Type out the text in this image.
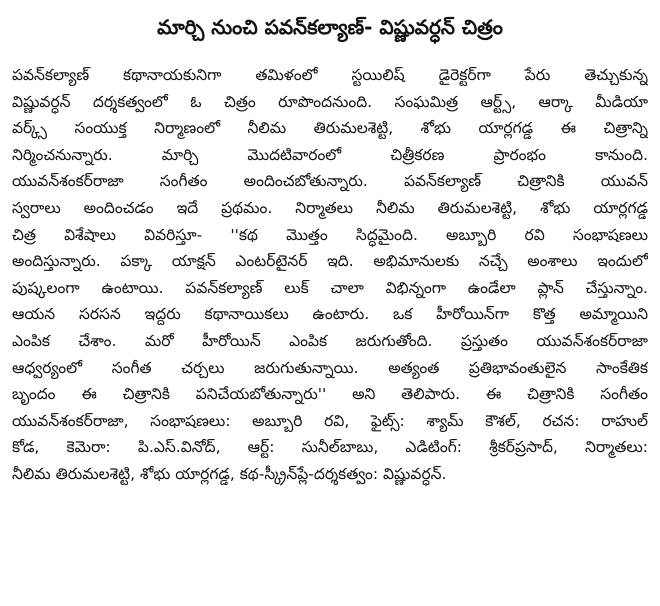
మార్చి నుంచి పవన్‌కల్యాణ్- విష్ణువర్ధన్ చిత్రం
పవన్‌కల్యాణ్ కథానాయకునిగా తమిళంలో స్టయిలిష్ డైరెక్టర్‌గా పేరు తెచ్చుకున్న
విష్ణువర్ధన్ దర్శకత్వంలో ఓ చిత్రం రూపొందనుంది. సంఘమిత్ర ఆర్ట్స్, ఆర్కా మీడియా
వర్క్స్ సంయుక్త నిర్మాణంలో నీలిమ తిరుమలశెట్టి, శోభు యార్లగడ్డ ఈ చిత్రాన్ని
నిర్మించనున్నారు. మార్చి మొదటివారంలో చిత్రీకరణ ప్రారంభం కానుంది.
యువన్‌శంకర్‌రాజా సంగీతం అందించబోతున్నారు. పవన్‌కల్యాణ్ చిత్రానికి యువన్
స్వరాలు అందించడం ఇదే ప్రథమం. నిర్మాతలు నీలిమ తిరుమలశెట్టి, శోభు యార్లగడ్డ
చిత్ర విశేషాలు వివరిస్తూ- ''కథ మొత్తం సిద్ధమైంది. అబ్బూరి రవి సంభాషణలు
అందిస్తున్నారు. పక్కా యాక్షన్ ఎంటర్‌టైనర్ ఇది. అభిమానులకు నచ్చే అంశాలు ఇందులో
పుష్కలంగా ఉంటాయి. పవన్‌కల్యాణ్ లుక్ చాలా విభిన్నంగా ఉండేలా ప్లాన్ చేస్తున్నాం.
ఆయన సరసన ఇద్దరు కథానాయికలు ఉంటారు. ఒక హీరోయిన్‌గా కొత్త అమ్మాయిని
ఎంపిక చేశాం. మరో హీరోయిన్ ఎంపిక జరుగుతోంది. ప్రస్తుతం యువన్‌శంకర్‌రాజా
ఆధ్వర్యంలో సంగీత చర్చలు జరుగుతున్నాయి. అత్యంత ప్రతిభావంతులైన సాంకేతిక
బృందం ఈ చిత్రానికి పనిచేయబోతున్నారు'' అని తెలిపారు. ఈ చిత్రానికి సంగీతం
యువన్‌శంకర్‌రాజా, సంభాషణలు: అబ్బూరి రవి, ఫైట్స్: శ్యామ్ కౌశల్, రచన: రాహుల్
కోడ, కెమెరా: పి.ఎస్.వినోద్, ఆర్ట్: సునీల్‌బాబు, ఎడిటింగ్: శ్రీకర్‌ప్రసాద్, నిర్మాతలు:
నీలిమ తిరుమలశెట్టి, శోభు యార్లగడ్డ, కథ-స్క్రీన్‌ప్లే-దర్శకత్వం: విష్ణువర్ధన్.
